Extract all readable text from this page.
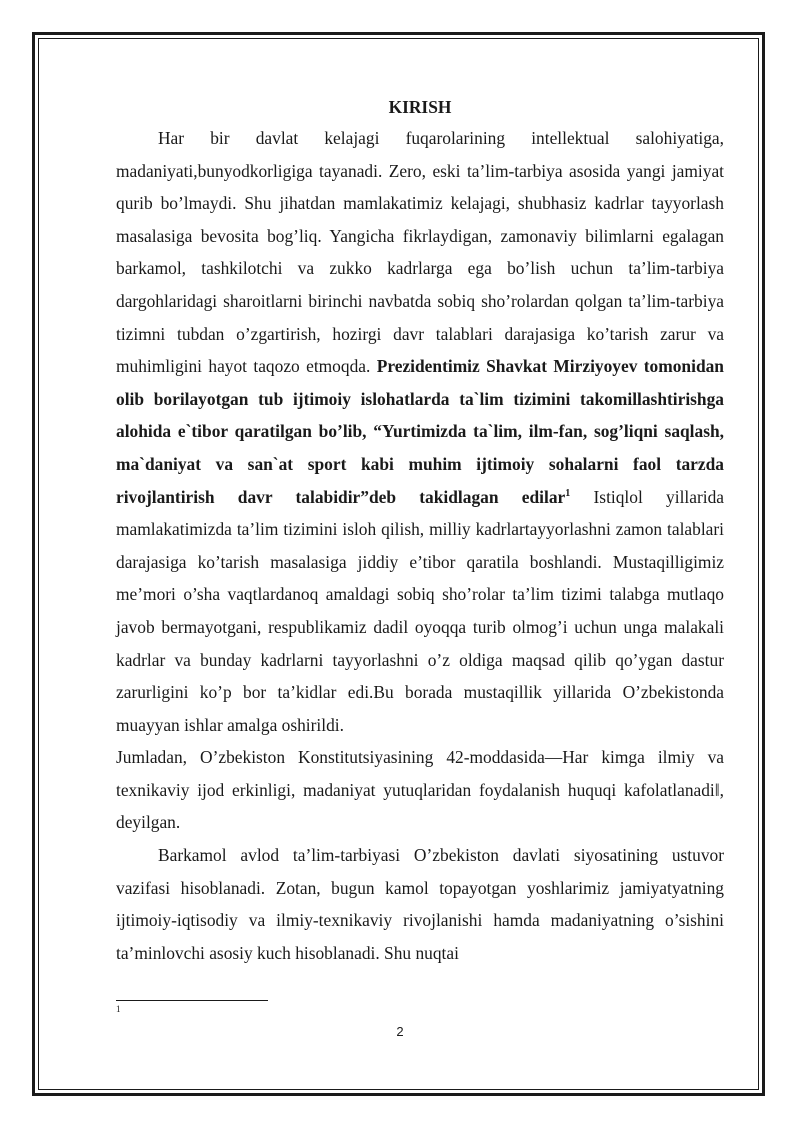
KIRISH

Har bir davlat kelajagi fuqarolarining intellektual salohiyatiga, madaniyati,bunyodkorligiga tayanadi. Zero, eski ta’lim-tarbiya asosida yangi jamiyat qurib bo’lmaydi. Shu jihatdan mamlakatimiz kelajagi, shubhasiz kadrlar tayyorlash masalasiga bevosita bog’liq. Yangicha fikrlaydigan, zamonaviy bilimlarni egalagan barkamol, tashkilotchi va zukko kadrlarga ega bo’lish uchun ta’lim-tarbiya dargohlaridagi sharoitlarni birinchi navbatda sobiq sho’rolardan qolgan ta’lim-tarbiya tizimni tubdan o’zgartirish, hozirgi davr talablari darajasiga ko’tarish zarur va muhimligini hayot taqozo etmoqda. Prezidentimiz Shavkat Mirziyoyev tomonidan olib borilayotgan tub ijtimoiy islohatlarda ta`lim tizimini takomillashtirishga alohida e`tibor qaratilgan bo’lib, “Yurtimizda ta`lim, ilm-fan, sog’liqni saqlash, ma`daniyat va san`at sport kabi muhim ijtimoiy sohalarni faol tarzda rivojlantirish davr talabidir”deb takidlagan edilar$^1$ Istiqlol yillarida mamlakatimizda ta’lim tizimini isloh qilish, milliy kadrlartayyorlashni zamon talablari darajasiga ko’tarish masalasiga jiddiy e’tibor qaratila boshlandi. Mustaqilligimiz me’mori o’sha vaqtlardanoq amaldagi sobiq sho’rolar ta’lim tizimi talabga mutlaqo javob bermayotgani, respublikamiz dadil oyoqqa turib olmog’i uchun unga malakali kadrlar va bunday kadrlarni tayyorlashni o’z oldiga maqsad qilib qo’ygan dastur zarurligini ko’p bor ta’kidlar edi.Bu borada mustaqillik yillarida O’zbekistonda muayyan ishlar amalga oshirildi.

Jumladan, O’zbekiston Konstitutsiyasining 42-moddasida―Har kimga ilmiy va texnikaviy ijod erkinligi, madaniyat yutuqlaridan foydalanish huquqi kafolatlanadi‖, deyilgan.

Barkamol avlod ta’lim-tarbiyasi O’zbekiston davlati siyosatining ustuvor vazifasi hisoblanadi. Zotan, bugun kamol topayotgan yoshlarimiz jamiyatyatning ijtimoiy-iqtisodiy va ilmiy-texnikaviy rivojlanishi hamda madaniyatning o’sishini ta’minlovchi asosiy kuch hisoblanadi. Shu nuqtai

1
2
